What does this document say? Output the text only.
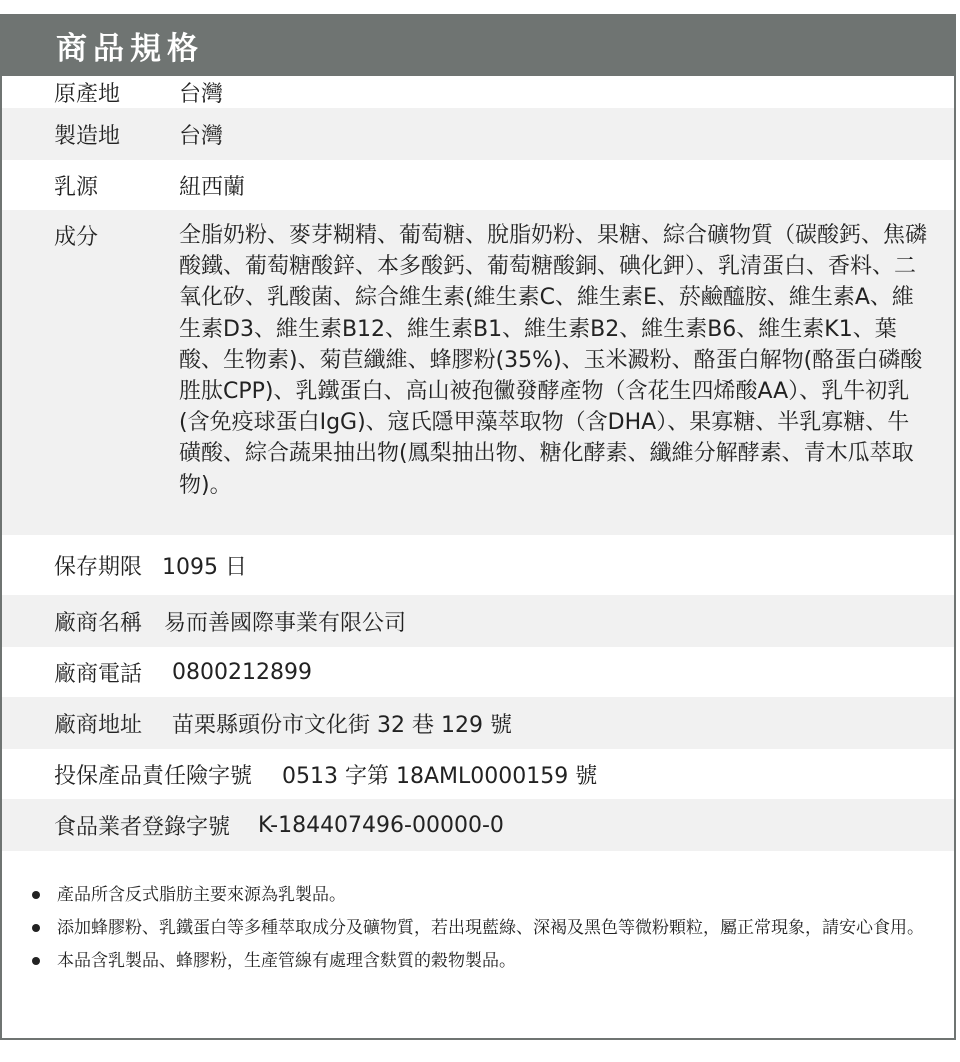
商品規格
原產地	台灣
製造地	台灣
乳源	紐西蘭
成分	全脂奶粉、麥芽糊精、葡萄糖、脫脂奶粉、果糖、綜合礦物質（碳酸鈣、焦磷酸鐵、葡萄糖酸鋅、本多酸鈣、葡萄糖酸銅、碘化鉀）、乳清蛋白、香料、二氧化矽、乳酸菌、綜合維生素(維生素C、維生素E、菸鹼醯胺、維生素A、維生素D3、維生素B12、維生素B1、維生素B2、維生素B6、維生素K1、葉酸、生物素)、菊苣纖維、蜂膠粉(35%)、玉米澱粉、酪蛋白解物(酪蛋白磷酸胜肽CPP)、乳鐵蛋白、高山被孢黴發酵產物（含花生四烯酸AA）、乳牛初乳(含免疫球蛋白IgG)、寇氏隱甲藻萃取物（含DHA）、果寡糖、半乳寡糖、牛磺酸、綜合蔬果抽出物(鳳梨抽出物、糖化酵素、纖維分解酵素、青木瓜萃取物)。
保存期限 1095 日
廠商名稱 易而善國際事業有限公司
廠商電話 0800212899
廠商地址 苗栗縣頭份市文化街 32 巷 129 號
投保產品責任險字號 0513 字第 18AML0000159 號
食品業者登錄字號 K-184407496-00000-0
產品所含反式脂肪主要來源為乳製品。
添加蜂膠粉、乳鐵蛋白等多種萃取成分及礦物質，若出現藍綠、深褐及黑色等微粉顆粒，屬正常現象，請安心食用。
本品含乳製品、蜂膠粉，生產管線有處理含麩質的穀物製品。
